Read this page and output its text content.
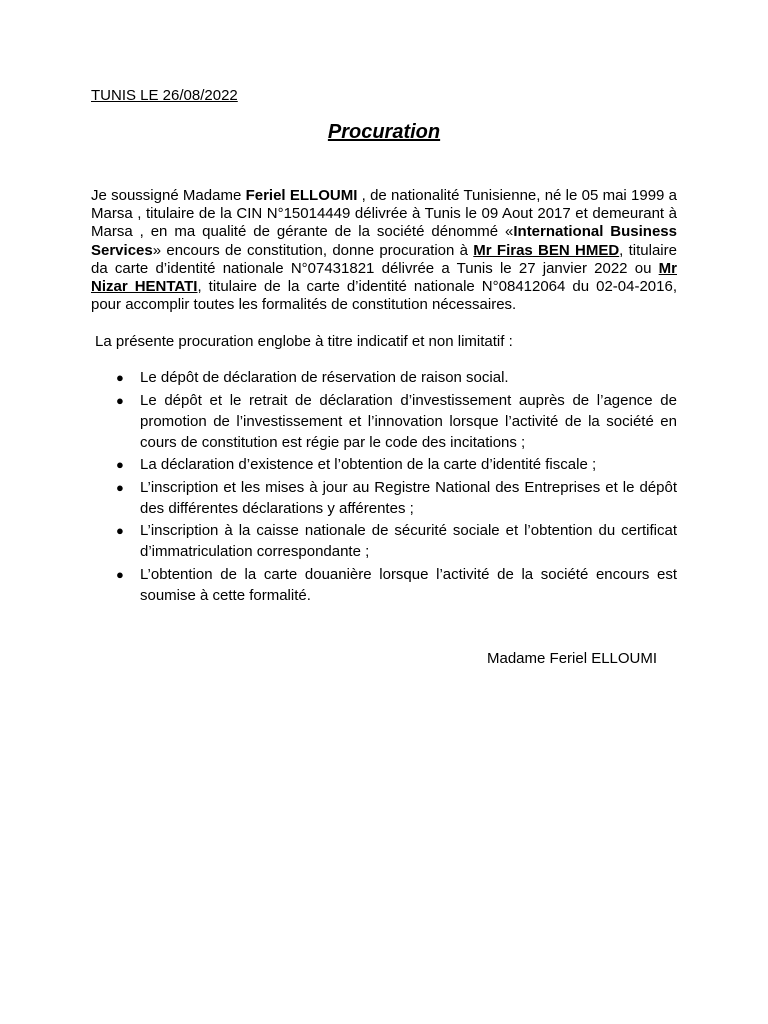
TUNIS LE 26/08/2022
Procuration

Je soussigné Madame Feriel ELLOUMI , de nationalité Tunisienne, né le 05 mai 1999 a Marsa , titulaire de la CIN N°15014449 délivrée à Tunis le 09 Aout 2017 et demeurant à Marsa , en ma qualité de gérante de la société dénommé «International Business Services» encours de constitution, donne procuration à Mr Firas BEN HMED, titulaire da carte d’identité nationale N°07431821 délivrée a Tunis le 27 janvier 2022 ou Mr Nizar HENTATI, titulaire de la carte d’identité nationale N°08412064 du 02-04-2016, pour accomplir toutes les formalités de constitution nécessaires.

La présente procuration englobe à titre indicatif et non limitatif :
● Le dépôt de déclaration de réservation de raison social.
● Le dépôt et le retrait de déclaration d’investissement auprès de l’agence de promotion de l’investissement et l’innovation lorsque l’activité de la société en cours de constitution est régie par le code des incitations ;
● La déclaration d’existence et l’obtention de la carte d’identité fiscale ;
● L’inscription et les mises à jour au Registre National des Entreprises et le dépôt des différentes déclarations y afférentes ;
● L’inscription à la caisse nationale de sécurité sociale et l’obtention du certificat d’immatriculation correspondante ;
● L’obtention de la carte douanière lorsque l’activité de la société encours est soumise à cette formalité.
Madame Feriel ELLOUMI
